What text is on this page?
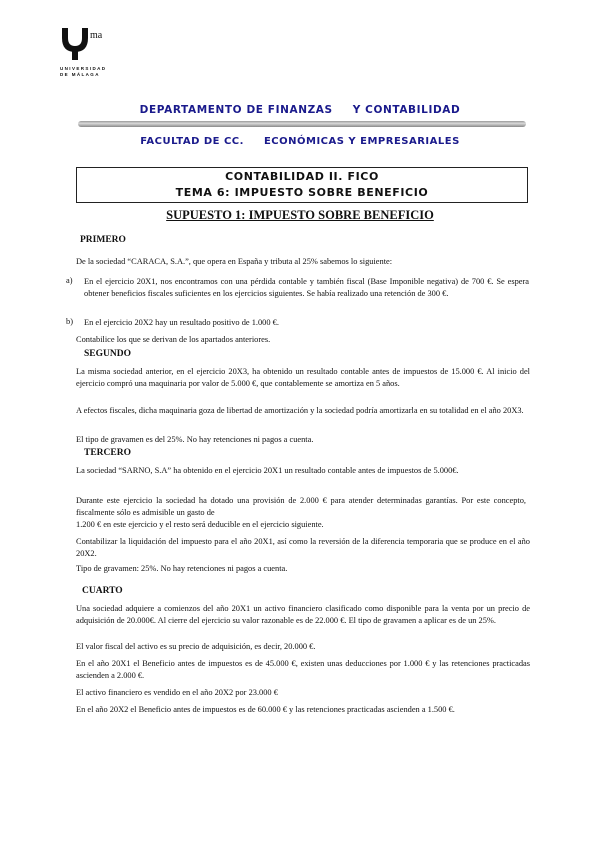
ma
UNIVERSIDAD
DE MÁLAGA
DEPARTAMENTO DE FINANZAS Y CONTABILIDAD
FACULTAD DE CC. ECONÓMICAS Y EMPRESARIALES
CONTABILIDAD II. FICO
TEMA 6: IMPUESTO SOBRE BENEFICIO
SUPUESTO 1: IMPUESTO SOBRE BENEFICIO
PRIMERO
De la sociedad “CARACA, S.A.”, que opera en España y tributa al 25% sabemos lo siguiente:
a) En el ejercicio 20X1, nos encontramos con una pérdida contable y también fiscal (Base Imponible negativa) de 700 €. Se espera obtener beneficios fiscales suficientes en los ejercicios siguientes. Se había realizado una retención de 300 €.
b) En el ejercicio 20X2 hay un resultado positivo de 1.000 €.
Contabilice los que se derivan de los apartados anteriores.
SEGUNDO
La misma sociedad anterior, en el ejercicio 20X3, ha obtenido un resultado contable antes de impuestos de 15.000 €. Al inicio del ejercicio compró una maquinaria por valor de 5.000 €, que contablemente se amortiza en 5 años.
A efectos fiscales, dicha maquinaria goza de libertad de amortización y la sociedad podría amortizarla en su totalidad en el año 20X3.
El tipo de gravamen es del 25%. No hay retenciones ni pagos a cuenta.
TERCERO
La sociedad “SARNO, S.A” ha obtenido en el ejercicio 20X1 un resultado contable antes de impuestos de 5.000€.
Durante este ejercicio la sociedad ha dotado una provisión de 2.000 € para atender determinadas garantías. Por este concepto, fiscalmente sólo es admisible un gasto de
1.200 € en este ejercicio y el resto será deducible en el ejercicio siguiente.
Contabilizar la liquidación del impuesto para el año 20X1, así como la reversión de la diferencia temporaria que se produce en el año 20X2.
Tipo de gravamen: 25%. No hay retenciones ni pagos a cuenta.
CUARTO
Una sociedad adquiere a comienzos del año 20X1 un activo financiero clasificado como disponible para la venta por un precio de adquisición de 20.000€. Al cierre del ejercicio su valor razonable es de 22.000 €. El tipo de gravamen a aplicar es de un 25%.
El valor fiscal del activo es su precio de adquisición, es decir, 20.000 €.
En el año 20X1 el Beneficio antes de impuestos es de 45.000 €, existen unas deducciones por 1.000 € y las retenciones practicadas ascienden a 2.000 €.
El activo financiero es vendido en el año 20X2 por 23.000 €
En el año 20X2 el Beneficio antes de impuestos es de 60.000 € y las retenciones practicadas ascienden a 1.500 €.
